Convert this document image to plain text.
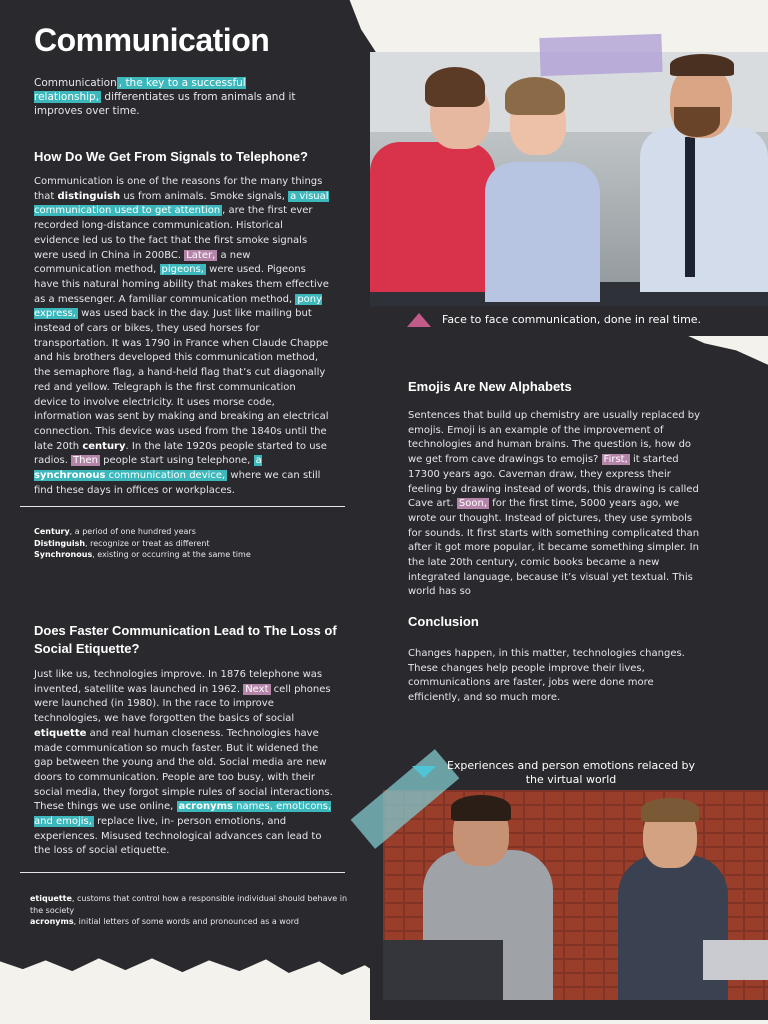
Communication

Communication , the key to a successful relationship, differentiates us from animals and it improves over time.

How Do We Get From Signals to Telephone?

Communication is one of the reasons for the many things that distinguish us from animals. Smoke signals, a visual communication used to get attention , are the first ever recorded long-distance communication. Historical evidence led us to the fact that the first smoke signals were used in China in 200BC. Later, a new communication method, pigeons, were used. Pigeons have this natural homing ability that makes them effective as a messenger. A familiar communication method, pony express, was used back in the day. Just like mailing but instead of cars or bikes, they used horses for transportation. It was 1790 in France when Claude Chappe and his brothers developed this communication method, the semaphore flag, a hand-held flag that’s cut diagonally red and yellow. Telegraph is the first communication device to involve electricity. It uses morse code, information was sent by making and breaking an electrical connection. This device was used from the 1840s until the late 20th century. In the late 1920s people started to use radios. Then people start using telephone, a synchronous communication device, where we can still find these days in offices or workplaces.

Century, a period of one hundred years
Distinguish, recognize or treat as different
Synchronous, existing or occurring at the same time
Does Faster Communication Lead to The Loss of Social Etiquette?

Just like us, technologies improve. In 1876 telephone was invented, satellite was launched in 1962. Next cell phones were launched (in 1980). In the race to improve technologies, we have forgotten the basics of social etiquette and real human closeness. Technologies have made communication so much faster. But it widened the gap between the young and the old. Social media are new doors to communication. People are too busy, with their social media, they forgot simple rules of social interactions. These things we use online, acronyms names, emoticons, and emojis, replace live, in- person emotions, and experiences. Misused technological advances can lead to the loss of social etiquette.

etiquette, customs that control how a responsible individual should behave in the society
acronyms, initial letters of some words and pronounced as a word
Face to face communication, done in real time.
Emojis Are New Alphabets

Sentences that build up chemistry are usually replaced by emojis. Emoji is an example of the improvement of technologies and human brains. The question is, how do we get from cave drawings to emojis? First, it started 17300 years ago. Caveman draw, they express their feeling by drawing instead of words, this drawing is called Cave art. Soon, for the first time, 5000 years ago, we wrote our thought. Instead of pictures, they use symbols for sounds. It first starts with something complicated than after it got more popular, it became something simpler. In the late 20th century, comic books became a new integrated language, because it’s visual yet textual. This world has so

Conclusion

Changes happen, in this matter, technologies changes. These changes help people improve their lives, communications are faster, jobs were done more efficiently, and so much more.

Experiences and person emotions relaced by the virtual world
